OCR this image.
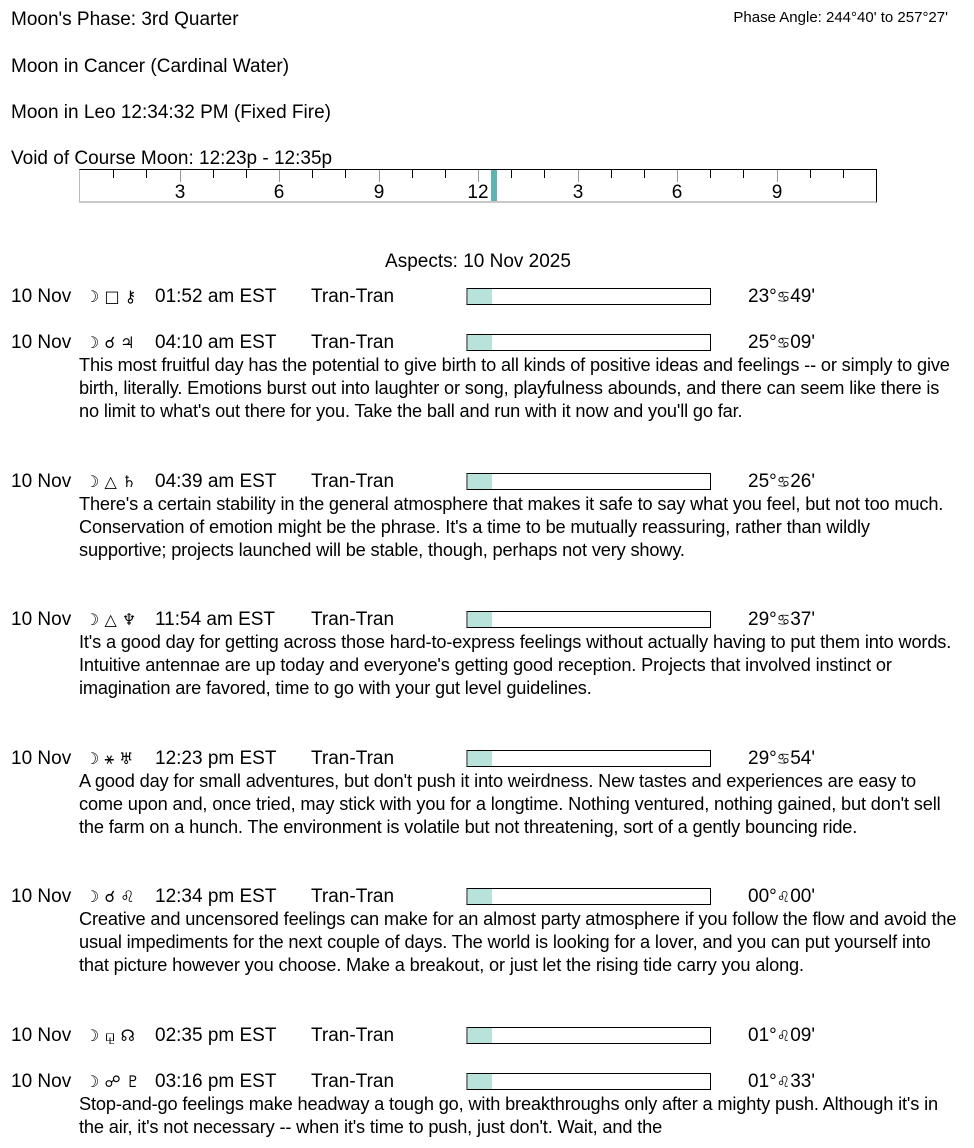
Moon's Phase: 3rd Quarter	Phase Angle: 244°40' to 257°27'
Moon in Cancer (Cardinal Water)
Moon in Leo 12:34:32 PM (Fixed Fire)
Void of Course Moon: 12:23p - 12:35p
3	6	9	12	3	6	9
Aspects: 10 Nov 2025
10 Nov ☽ □ ⚷ 01:52 am EST Tran-Tran	23°♋49'
10 Nov ☽ ☌ ♃ 04:10 am EST Tran-Tran	25°♋09'
This most fruitful day has the potential to give birth to all kinds of positive ideas and feelings -- or simply to give birth, literally. Emotions burst out into laughter or song, playfulness abounds, and there can seem like there is no limit to what's out there for you. Take the ball and run with it now and you'll go far.
10 Nov ☽ △ ♄ 04:39 am EST Tran-Tran	25°♋26'
There's a certain stability in the general atmosphere that makes it safe to say what you feel, but not too much. Conservation of emotion might be the phrase. It's a time to be mutually reassuring, rather than wildly supportive; projects launched will be stable, though, perhaps not very showy.
10 Nov ☽ △ ♆ 11:54 am EST Tran-Tran	29°♋37'
It's a good day for getting across those hard-to-express feelings without actually having to put them into words. Intuitive antennae are up today and everyone's getting good reception. Projects that involved instinct or imagination are favored, time to go with your gut level guidelines.
10 Nov ☽ ⚹ ♅ 12:23 pm EST Tran-Tran	29°♋54'
A good day for small adventures, but don't push it into weirdness. New tastes and experiences are easy to come upon and, once tried, may stick with you for a longtime. Nothing ventured, nothing gained, but don't sell the farm on a hunch. The environment is volatile but not threatening, sort of a gently bouncing ride.
10 Nov ☽ ☌ ♌ 12:34 pm EST Tran-Tran	00°♌00'
Creative and uncensored feelings can make for an almost party atmosphere if you follow the flow and avoid the usual impediments for the next couple of days. The world is looking for a lover, and you can put yourself into that picture however you choose. Make a breakout, or just let the rising tide carry you along.
10 Nov ☽ ⚼ ☊ 02:35 pm EST Tran-Tran	01°♌09'
10 Nov ☽ ☍ ♇ 03:16 pm EST Tran-Tran	01°♌33'
Stop-and-go feelings make headway a tough go, with breakthroughs only after a mighty push. Although it's in the air, it's not necessary -- when it's time to push, just don't. Wait, and the
